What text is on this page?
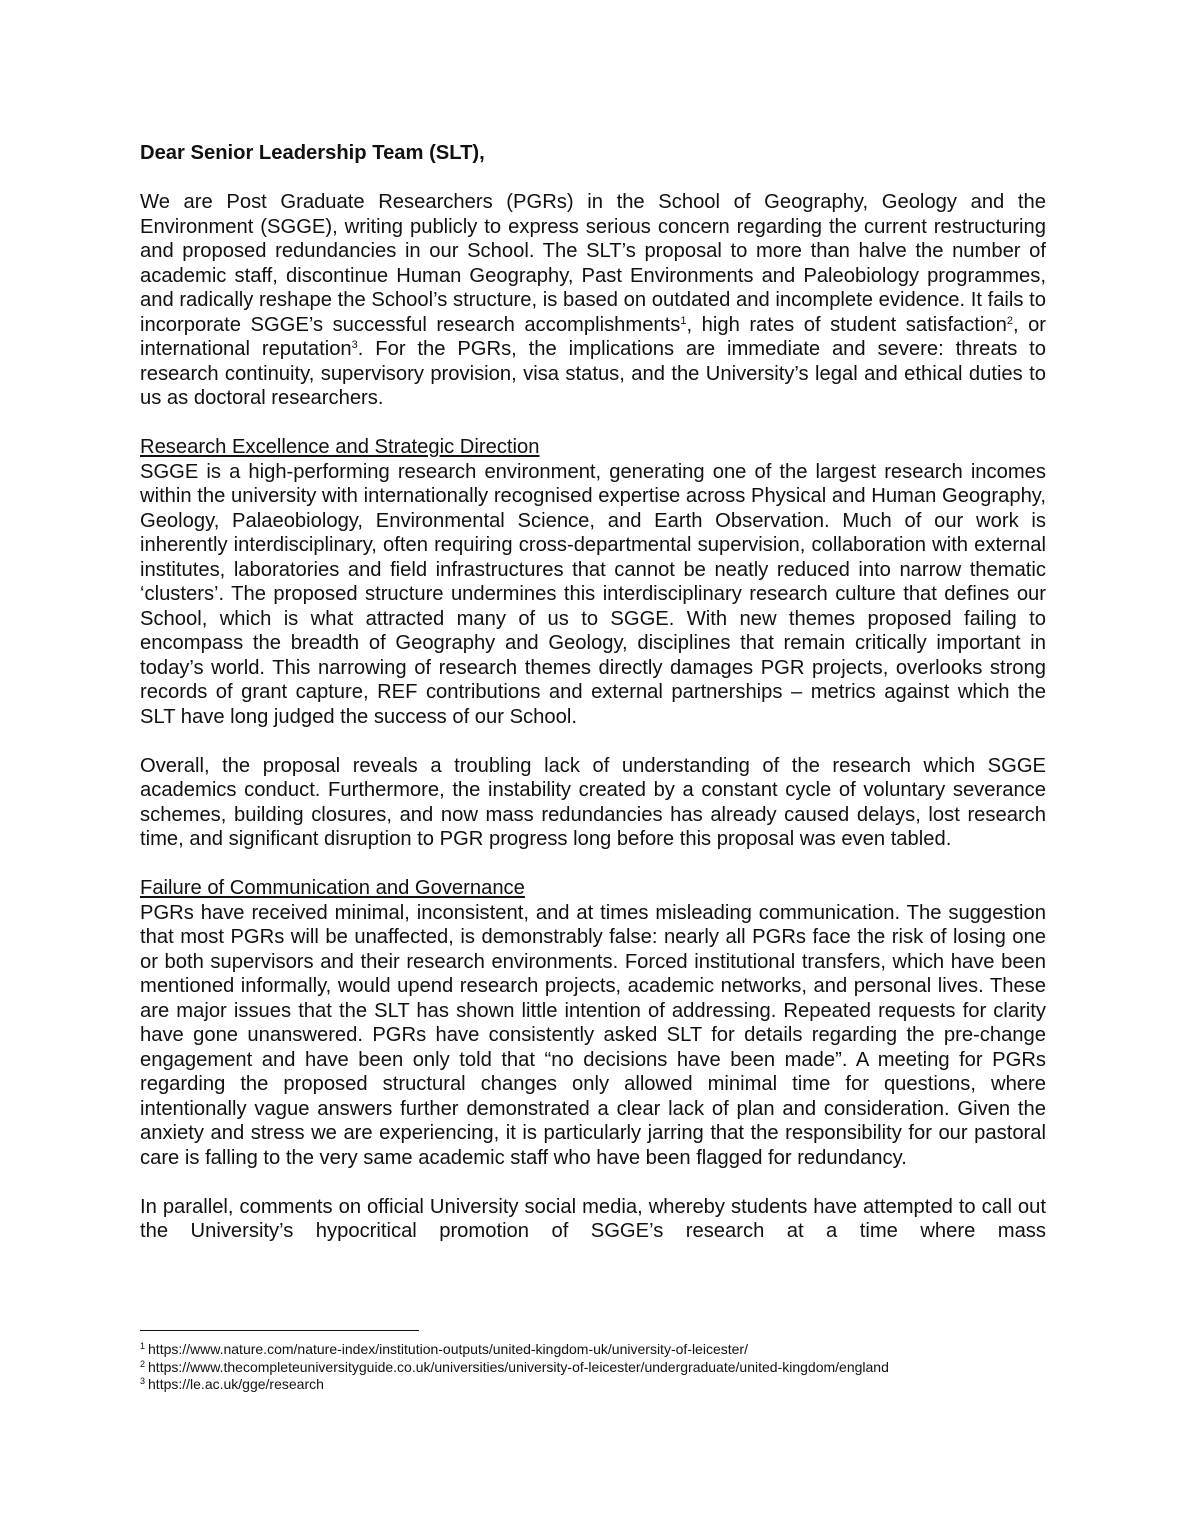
Dear Senior Leadership Team (SLT),

We are Post Graduate Researchers (PGRs) in the School of Geography, Geology and the Environment (SGGE), writing publicly to express serious concern regarding the current restructuring and proposed redundancies in our School. The SLT’s proposal to more than halve the number of academic staff, discontinue Human Geography, Past Environments and Paleobiology programmes, and radically reshape the School’s structure, is based on outdated and incomplete evidence. It fails to incorporate SGGE’s successful research accomplishments$^1$, high rates of student satisfaction$^2$, or international reputation$^3$. For the PGRs, the implications are immediate and severe: threats to research continuity, supervisory provision, visa status, and the University’s legal and ethical duties to us as doctoral researchers.

Research Excellence and Strategic Direction
SGGE is a high-performing research environment, generating one of the largest research incomes within the university with internationally recognised expertise across Physical and Human Geography, Geology, Palaeobiology, Environmental Science, and Earth Observation. Much of our work is inherently interdisciplinary, often requiring cross-departmental supervision, collaboration with external institutes, laboratories and field infrastructures that cannot be neatly reduced into narrow thematic ‘clusters’. The proposed structure undermines this interdisciplinary research culture that defines our School, which is what attracted many of us to SGGE. With new themes proposed failing to encompass the breadth of Geography and Geology, disciplines that remain critically important in today’s world. This narrowing of research themes directly damages PGR projects, overlooks strong records of grant capture, REF contributions and external partnerships – metrics against which the SLT have long judged the success of our School.

Overall, the proposal reveals a troubling lack of understanding of the research which SGGE academics conduct. Furthermore, the instability created by a constant cycle of voluntary severance schemes, building closures, and now mass redundancies has already caused delays, lost research time, and significant disruption to PGR progress long before this proposal was even tabled.

Failure of Communication and Governance
PGRs have received minimal, inconsistent, and at times misleading communication. The suggestion that most PGRs will be unaffected, is demonstrably false: nearly all PGRs face the risk of losing one or both supervisors and their research environments. Forced institutional transfers, which have been mentioned informally, would upend research projects, academic networks, and personal lives. These are major issues that the SLT has shown little intention of addressing. Repeated requests for clarity have gone unanswered. PGRs have consistently asked SLT for details regarding the pre-change engagement and have been only told that “no decisions have been made”. A meeting for PGRs regarding the proposed structural changes only allowed minimal time for questions, where intentionally vague answers further demonstrated a clear lack of plan and consideration. Given the anxiety and stress we are experiencing, it is particularly jarring that the responsibility for our pastoral care is falling to the very same academic staff who have been flagged for redundancy.

In parallel, comments on official University social media, whereby students have attempted to call out the University’s hypocritical promotion of SGGE’s research at a time where mass

$^1$ https://www.nature.com/nature-index/institution-outputs/united-kingdom-uk/university-of-leicester/
$^2$ https://www.thecompleteuniversityguide.co.uk/universities/university-of-leicester/undergraduate/united-kingdom/england
$^3$ https://le.ac.uk/gge/research
